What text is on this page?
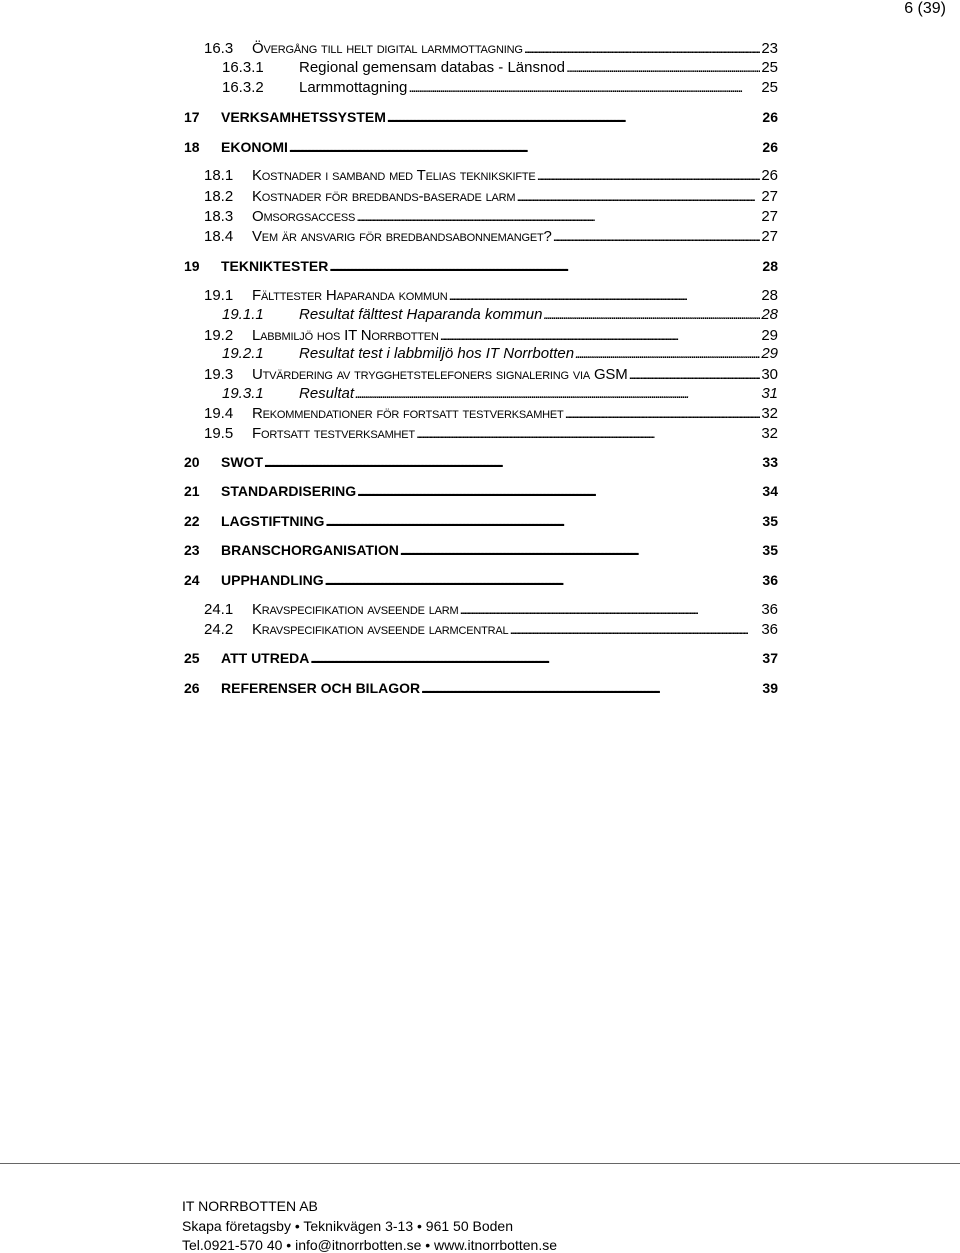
6 (39)
16.3	Övergång till helt digital larmmottagning . . .	23
16.3.1	Regional gemensam databas - Länsnod . . .	25
16.3.2	Larmmottagning . . .	25
17	VERKSAMHETSSYSTEM . . .	26
18	EKONOMI . . .	26
18.1	Kostnader i samband med Telias teknikskifte . . .	26
18.2	Kostnader för bredbands-baserade larm . . .	27
18.3	Omsorgsaccess . . .	27
18.4	Vem är ansvarig för bredbandsabonnemanget? . . .	27
19	TEKNIKTESTER . . .	28
19.1	Fälttester Haparanda kommun . . .	28
19.1.1	Resultat fälttest Haparanda kommun . . .	28
19.2	Labbmiljö hos IT Norrbotten . . .	29
19.2.1	Resultat test i labbmiljö hos IT Norrbotten . . .	29
19.3	Utvärdering av trygghetstelefoners signalering via GSM . . .	30
19.3.1	Resultat . . .	31
19.4	Rekommendationer för fortsatt testverksamhet . . .	32
19.5	Fortsatt testverksamhet . . .	32
20	SWOT . . .	33
21	STANDARDISERING . . .	34
22	LAGSTIFTNING . . .	35
23	BRANSCHORGANISATION . . .	35
24	UPPHANDLING . . .	36
24.1	Kravspecifikation avseende larm . . .	36
24.2	Kravspecifikation avseende larmcentral . . .	36
25	ATT UTREDA . . .	37
26	REFERENSER OCH BILAGOR . . .	39
IT NORRBOTTEN AB
Skapa företagsby • Teknikvägen 3-13 • 961 50 Boden
Tel.0921-570 40 • info@itnorrbotten.se • www.itnorrbotten.se
